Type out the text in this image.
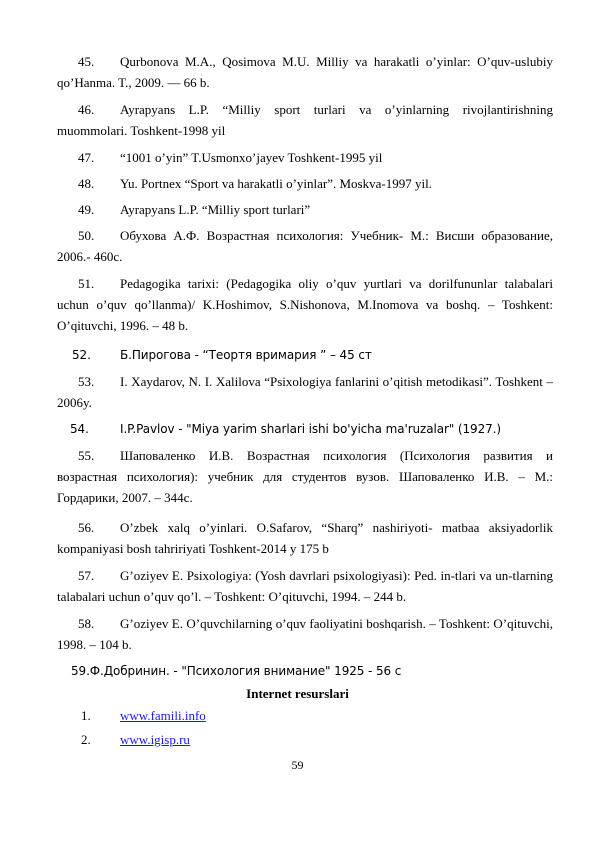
45. Qurbonova M.A., Qosimova M.U. Milliy va harakatli o’yinlar: O’quv-uslubiy qo’Hanma. T., 2009. — 66 b.
46. Ayrapyans L.P. “Milliy sport turlari va o’yinlarning rivojlantirishning muommolari. Toshkent-1998 yil
47. “1001 o’yin” T.Usmonxo’jayev Toshkent-1995 yil
48. Yu. Portnex “Sport va harakatli o’yinlar”. Moskva-1997 yil.
49. Ayrapyans L.P. “Milliy sport turlari”
50. Обухова А.Ф. Возрастная психология: Учебник- М.: Висши образование, 2006.- 460с.
51. Pedagogika tarixi: (Pedagogika oliy o’quv yurtlari va dorilfununlar talabalari uchun o’quv qo’llanma)/ K.Hoshimov, S.Nishonova, M.Inomova va boshq. – Toshkent: O’qituvchi, 1996. – 48 b.
52. Б.Пирогова - “Теортя вримария ” – 45 ст
53. I. Xaydarov, N. I. Xalilova “Psixologiya fanlarini o’qitish metodikasi”. Toshkent – 2006y.
54.	I.P.Pavlov - "Miya yarim sharlari ishi bo'yicha ma'ruzalar" (1927.)
55. Шаповаленко И.В. Возрастная психология (Психология развития и возрастная психология): учебник для студентов вузов. Шаповаленко И.В. – М.: Гордарики, 2007. – 344с.
56. O’zbek xalq o’yinlari. O.Safarov, “Sharq” nashiriyoti- matbaa aksiyadorlik kompaniyasi bosh tahririyati Toshkent-2014 y 175 b
57. G’oziyev E. Psixologiya: (Yosh davrlari psixologiyasi): Ped. in-tlari va un-tlarning talabalari uchun o’quv qo’l. – Toshkent: O’qituvchi, 1994. – 244 b.
58. G’oziyev E. O’quvchilarning o’quv faoliyatini boshqarish. – Toshkent: O’qituvchi, 1998. – 104 b.
59.Ф.Добринин. - "Психология внимание" 1925 - 56 с
Internet resurslari
1. www.famili.info
2. www.igisp.ru
59
